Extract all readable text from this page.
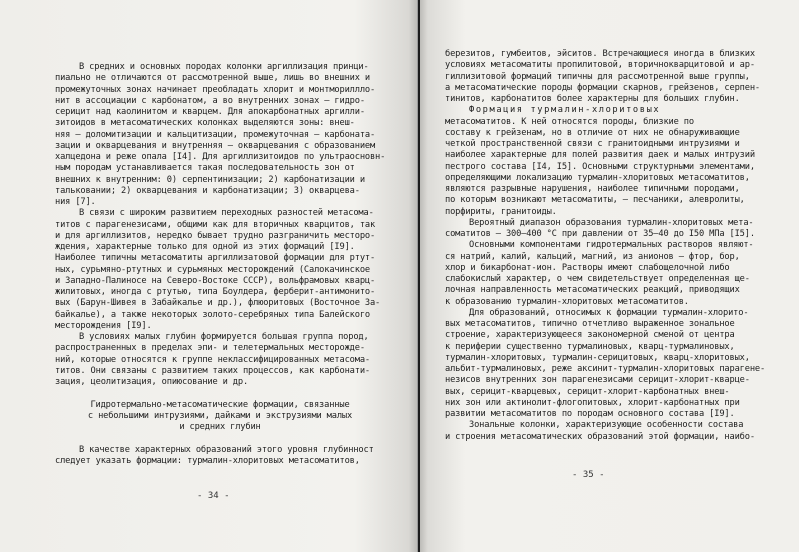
В средних и основных породах колонки аргиллизация принци-
пиально не отличаются от рассмотренной выше, лишь во внешних и
промежуточных зонах начинает преобладать хлорит и монтмориллло-
нит в ассоциации с карбонатом, а во внутренних зонах – гидро-
серицит над каолинитом и кварцем. Для апокарбонатных аргилли-
зитоидов в метасоматических колонках выделяются зоны: внеш-
няя – доломитизации и кальцитизации, промежуточная – карбоната-
зации и окварцевания и внутренняя – окварцевания с образованием
халцедона и реже опала [I4]. Для аргиллизитоидов по ультраосновн-
ным породам устанавливается такая последовательность зон от
внешних к внутренним: 0) серпентинизации; 2) карбонатизации и
тальковании; 2) окварцевания и карбонатизации; 3) окварцева-
ния [7].
В связи с широким развитием переходных разностей метасома-
титов с парагенезисами, общими как для вторичных кварцитов, так
и для аргиллизитов, нередко бывает трудно разграничить месторо-
ждения, характерные только для одной из этих формаций [I9].
Наиболее типичны метасоматиты аргиллизатовой формации для ртут-
ных, сурьмяно-ртутных и сурьмяных месторождений (Салокачинское
и Западно-Палиносе на Северо-Востоке СССР), вольфрамовых кварц-
жилитовых, иногда с ртутью, типа Боулдера, ферберит-антимонито-
вых (Барун-Шивея в Забайкалье и др.), флюоритовых (Восточное За-
байкалье), а также некоторых золото-серебряных типа Балейского
месторождения [I9].
В условиях малых глубин формируется большая группа пород,
распространенных в пределах эпи- и телетермальных месторожде-
ний, которые относятся к группе неклассифицированных метасома-
титов. Они связаны с развитием таких процессов, как карбонати-
зация, цеолитизация, опиюсование и др.
Гидротермально-метасоматические формации, связанные
с небольшими интрузиями, дайками и экструзиями малых
и средних глубин
В качестве характерных образований этого уровня глубинност
следует указать формации: турмалин-хлоритовых метасоматитов,
- 34 -
березитов, гумбеитов, эйситов. Встречающиеся иногда в близких
условиях метасоматиты пропилитовой, вторичнокварцитовой и ар-
гиллизитовой формаций типичны для рассмотренной выше группы,
а метасоматические породы формации скарнов, грейзенов, серпен-
тинитов, карбонатитов более характерны для больших глубин.
Формация турмалин-хлоритовых
метасоматитов. К ней относятся породы, близкие по
составу к грейзенам, но в отличие от них не обнаруживающие
четкой пространственной связи с гранитоидными интрузиями и
наиболее характерные для полей развития даек и малых интрузий
пестрого состава [I4, I5]. Основными структурными элементами,
определяющими локализацию турмалин-хлоритовых метасоматитов,
являются разрывные нарушения, наиболее типичными породами,
по которым возникают метасоматиты, – песчаники, алевролиты,
порфириты, гранитоиды.
Вероятный диапазон образования турмалин-хлоритовых мета-
соматитов – 300–400 °С при давлении от 35–40 до I50 МПа [I5].
Основными компонентами гидротермальных растворов являют-
ся натрий, калий, кальций, магний, из анионов – фтор, бор,
хлор и бикарбонат-ион. Растворы имеют слабощелочной либо
слабокислый характер, о чем свидетельствует определенная ще-
лочная направленность метасоматических реакций, приводящих
к образованию турмалин-хлоритовых метасоматитов.
Для образований, относимых к формации турмалин-хлорито-
вых метасоматитов, типично отчетливо выраженное зональное
строение, характеризующееся закономерной сменой от центра
к периферии существенно турмалиновых, кварц-турмалиновых,
турмалин-хлоритовых, турмалин-серицитовых, кварц-хлоритовых,
альбит-турмалиновых, реже аксинит-турмалин-хлоритовых парагене-
незисов внутренних зон парагенезисами серицит-хлорит-кварце-
вых, серицит-кварцевых, серицит-хлорит-карбонатных внеш-
них зон или актинолит-флогопитовых, хлорит-карбонатных при
развитии метасоматитов по породам основного состава [I9].
Зональные колонки, характеризующие особенности состава
и строения метасоматических образований этой формации, наибо-
- 35 -
